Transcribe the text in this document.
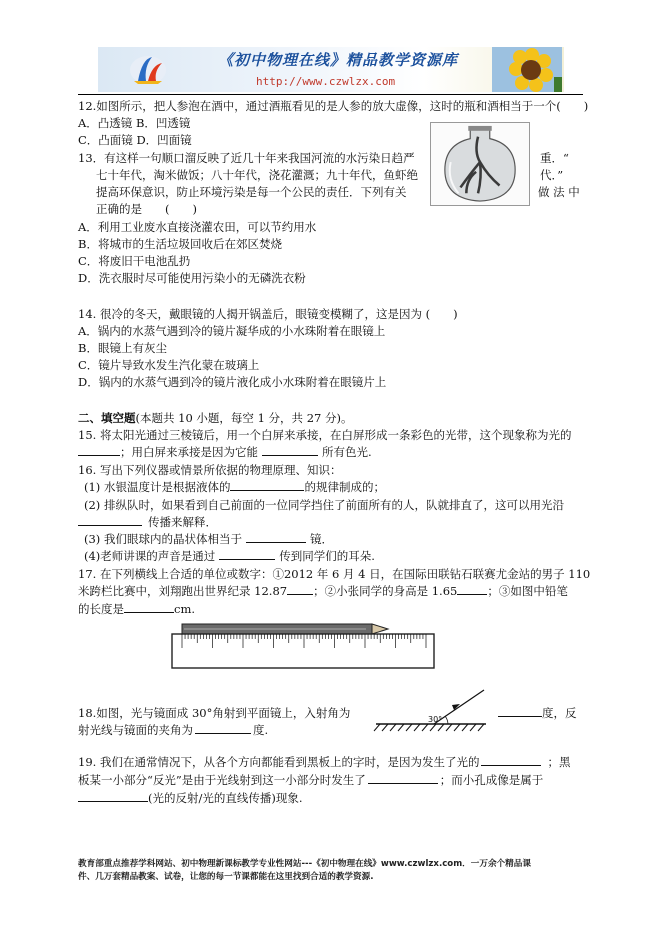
《初中物理在线》精品教学资源库
http://www.czwlzx.com
12.如图所示，把人参泡在酒中，通过酒瓶看见的是人参的放大虚像，这时的瓶和酒相当于一个(　　)
A．凸透镜 B．凹透镜
C．凸面镜 D．凹面镜
13．有这样一句顺口溜反映了近几十年来我国河流的水污染日趋严	重．“
七十年代，淘米做饭；八十年代，浇花灌溉；九十年代，鱼虾绝	代．”
提高环保意识，防止环境污染是每一个公民的责任．下列有关	做 法 中
正确的是　　(　　)
A．利用工业废水直接浇灌农田，可以节约用水
B．将城市的生活垃圾回收后在郊区焚烧
C．将废旧干电池乱扔
D．洗衣服时尽可能使用污染小的无磷洗衣粉
14. 很冷的冬天，戴眼镜的人揭开锅盖后，眼镜变模糊了，这是因为 (　　)
A．锅内的水蒸气遇到冷的镜片凝华成的小水珠附着在眼镜上
B．眼镜上有灰尘
C．镜片导致水发生汽化蒙在玻璃上
D．锅内的水蒸气遇到冷的镜片液化成小水珠附着在眼镜片上
二、填空题(本题共 10 小题，每空 1 分，共 27 分)。
15. 将太阳光通过三棱镜后，用一个白屏来承接，在白屏形成一条彩色的光带，这个现象称为光的
；用白屏来承接是因为它能	所有色光.
16. 写出下列仪器或情景所依据的物理原理、知识：
(1) 水银温度计是根据液体的	的规律制成的；
(2) 排纵队时，如果看到自己前面的一位同学挡住了前面所有的人，队就排直了，这可以用光沿
传播来解释．
(3) 我们眼球内的晶状体相当于	镜．
(4)老师讲课的声音是通过	传到同学们的耳朵.
17. 在下列横线上合适的单位或数字：①2012 年 6 月 4 日，在国际田联钻石联赛尤金站的男子 110
米跨栏比赛中，刘翔跑出世界纪录 12.87 ；②小张同学的身高是 1.65	；③如图中铅笔
的长度是	cm.
18.如图，光与镜面成 30°角射到平面镜上，入射角为	度，反
射光线与镜面的夹角为	度.
30°
19. 我们在通常情况下，从各个方向都能看到黑板上的字时，是因为发生了光的	；黑
板某一小部分“反光”是由于光线射到这一小部分时发生了	；而小孔成像是属于
(光的反射/光的直线传播)现象.
教育部重点推荐学科网站、初中物理新课标教学专业性网站---《初中物理在线》www.czwlzx.com．一万余个精品课
件、几万套精品教案、试卷，让您的每一节课都能在这里找到合适的教学资源.
